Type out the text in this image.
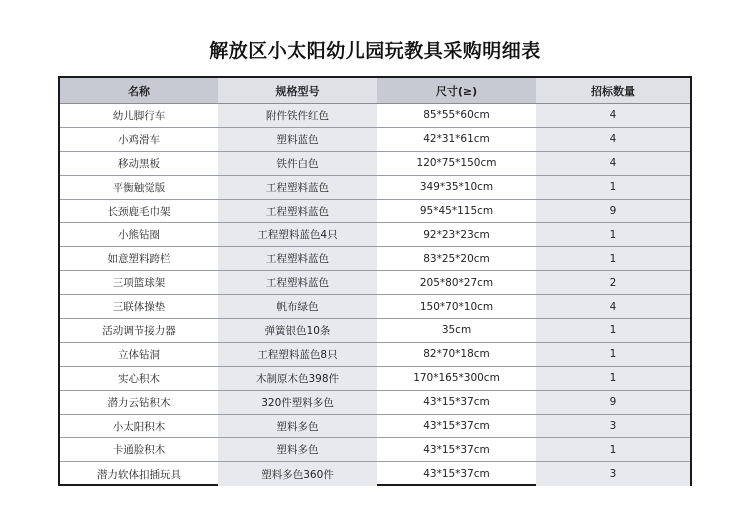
解放区小太阳幼儿园玩教具采购明细表
名称	规格型号	尺寸(≥)	招标数量
幼儿脚行车	附件铁件红色	85*55*60cm	4
小鸡滑车	塑料蓝色	42*31*61cm	4
移动黑板	铁件白色	120*75*150cm	4
平衡触觉版	工程塑料蓝色	349*35*10cm	1
长颈鹿毛巾架	工程塑料蓝色	95*45*115cm	9
小熊钻圈	工程塑料蓝色4只	92*23*23cm	1
如意塑料跨栏	工程塑料蓝色	83*25*20cm	1
三项篮球架	工程塑料蓝色	205*80*27cm	2
三联体操垫	帆布绿色	150*70*10cm	4
活动调节接力器	弹簧银色10条	35cm	1
立体钻洞	工程塑料蓝色8只	82*70*18cm	1
实心积木	木制原木色398件	170*165*300cm	1
潜力云钻积木	320件塑料多色	43*15*37cm	9
小太阳积木	塑料多色	43*15*37cm	3
卡通脸积木	塑料多色	43*15*37cm	1
潜力软体扣插玩具	塑料多色360件	43*15*37cm	3
